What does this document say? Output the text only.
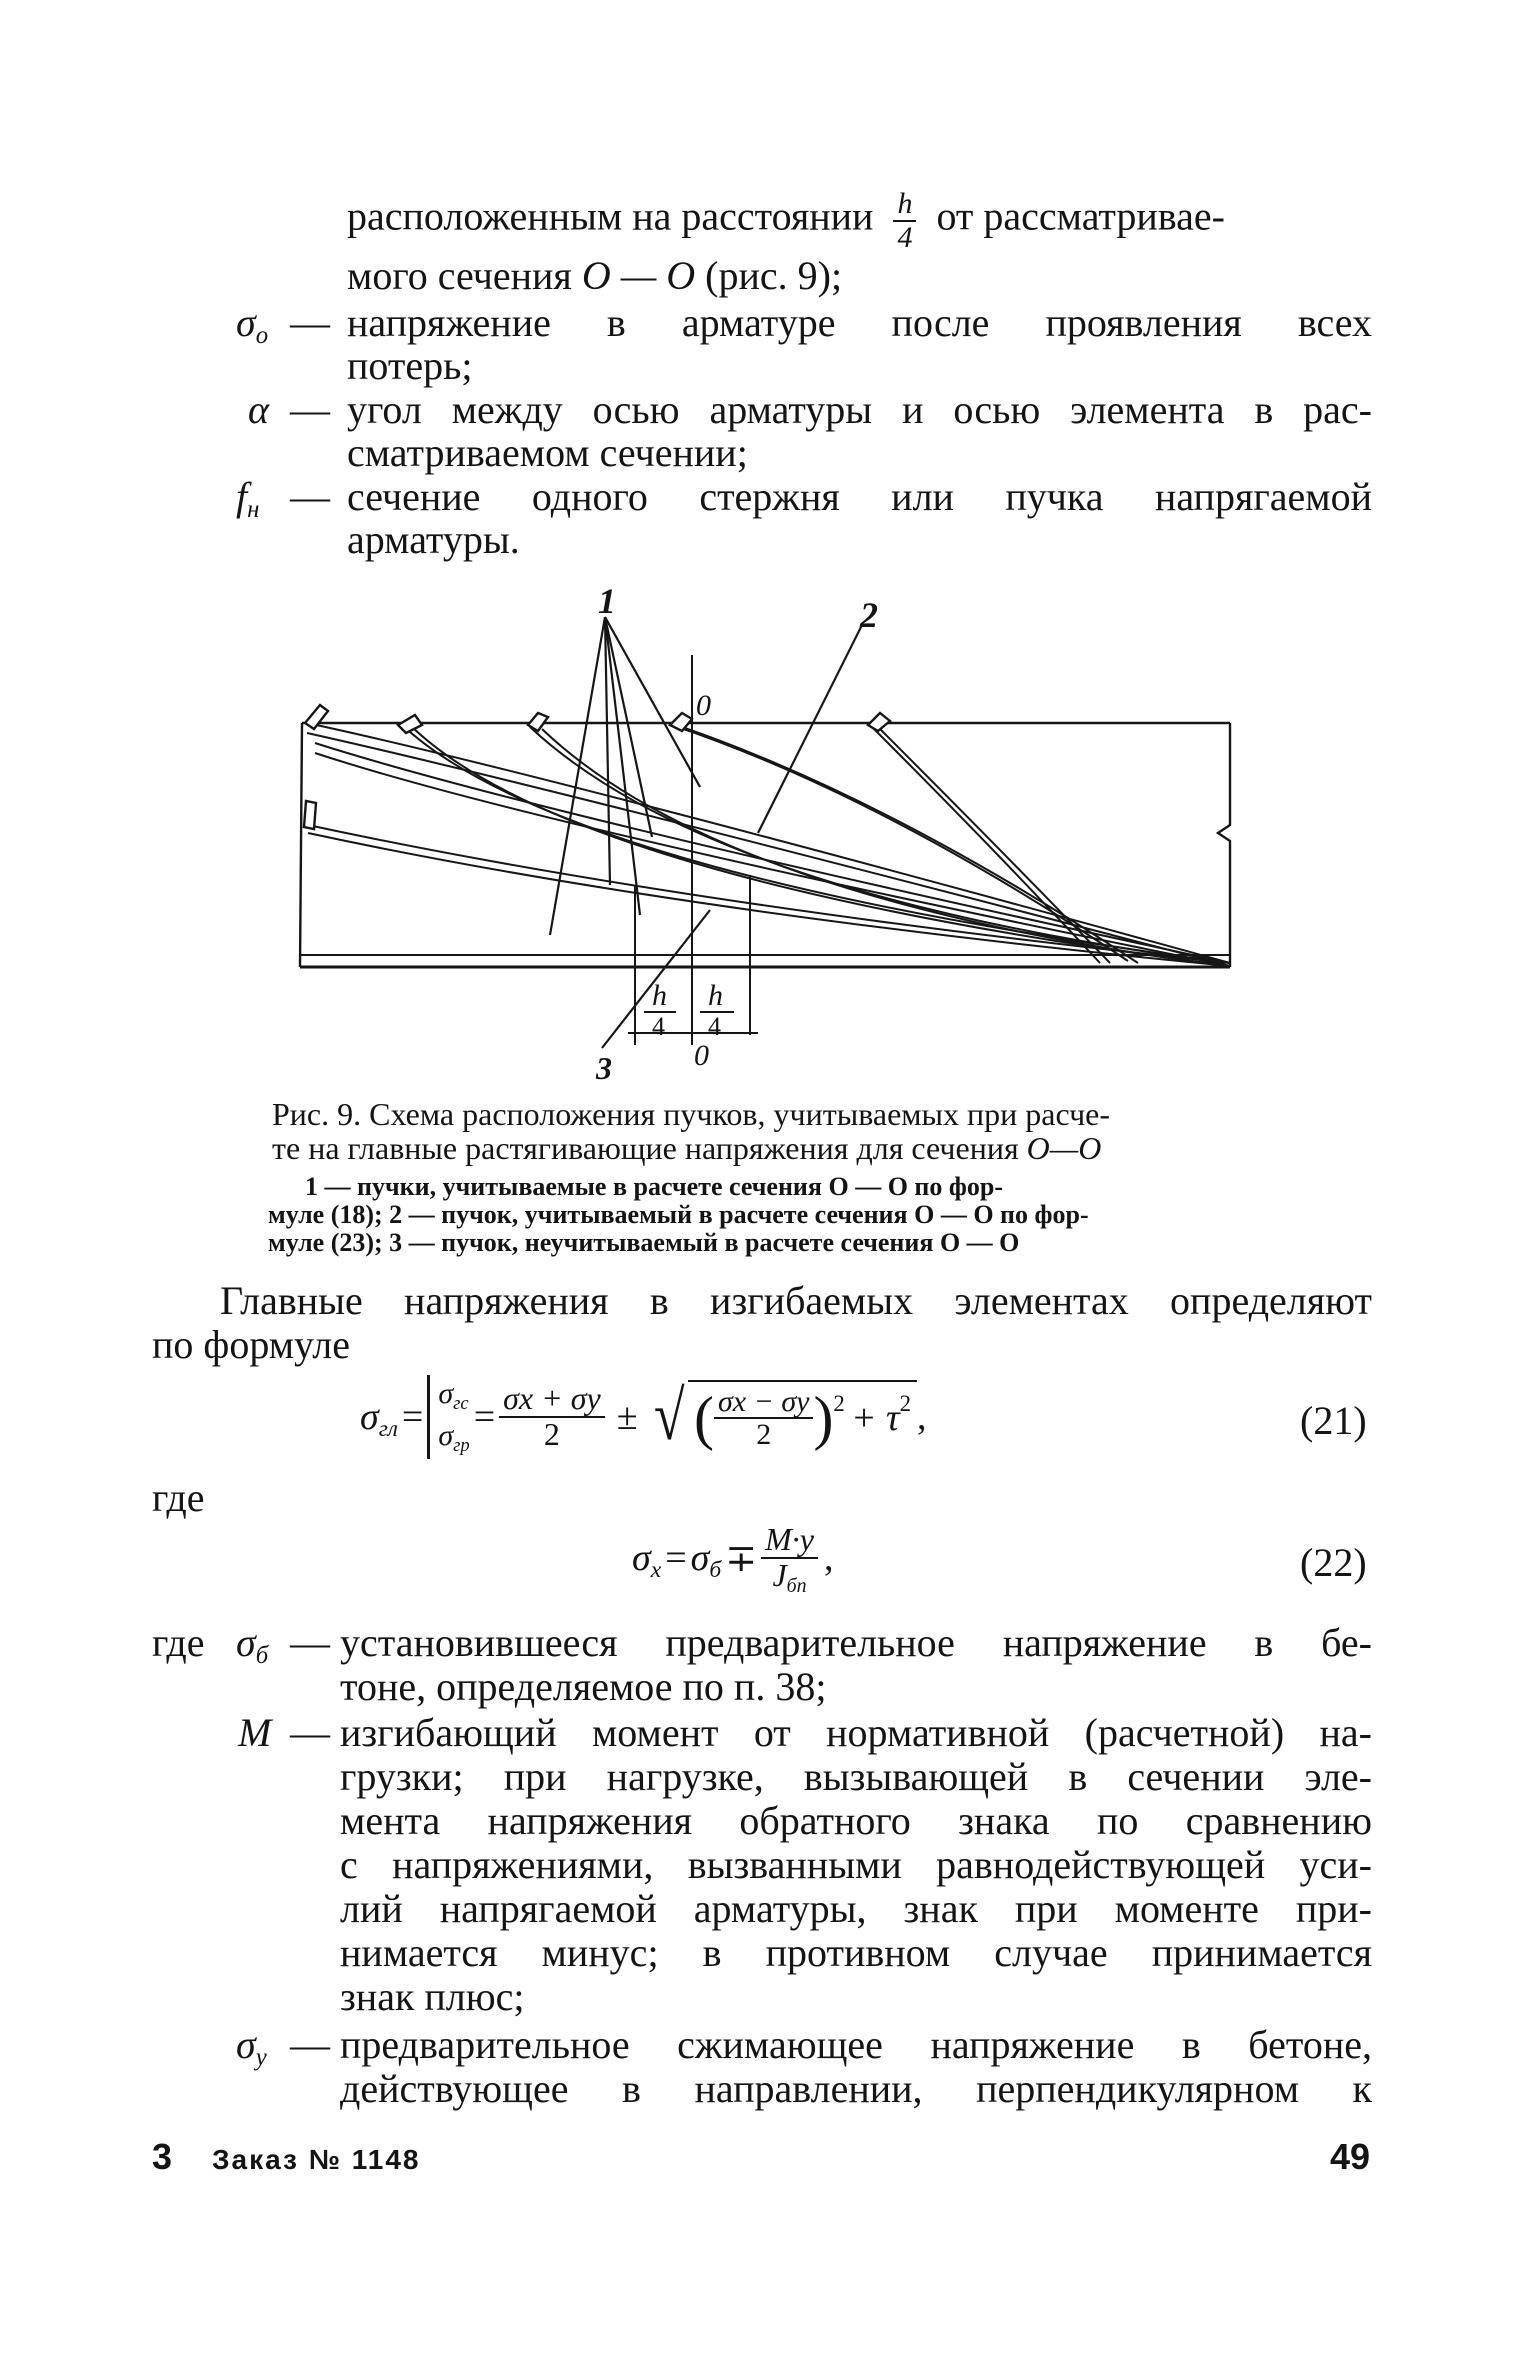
расположенным на расстоянии $\frac{h}{4}$ от рассматривае-
мого сечения O — O (рис. 9);
σo — напряжение в арматуре после проявления всех
потерь;
α — угол между осью арматуры и осью элемента в рас-
сматриваемом сечении;
fн — сечение одного стержня или пучка напрягаемой
арматуры.
1	2
3
0
0
h
4
h
4
Рис. 9. Схема расположения пучков, учитываемых при расче-
те на главные растягивающие напряжения для сечения O—O
1 — пучки, учитываемые в расчете сечения O — O по фор-
муле (18); 2 — пучок, учитываемый в расчете сечения O — O по фор-
муле (23); 3 — пучок, неучитываемый в расчете сечения O — O
Главные напряжения в изгибаемых элементах определяют
по формуле
σгл =
σгс
σгр
= $\frac{\sigma x + \sigma y}{2}$ ± √ ( $\frac{\sigma x - \sigma y}{2}$ ) 2 + τ 2 ,	(21)
где
$\sigma x = \sigma б \mp \frac{M\cdot y}{\text{Jбп}}$ ,	(22)
где σб — установившееся предварительное напряжение в бе-
тоне, определяемое по п. 38;
M — изгибающий момент от нормативной (расчетной) на-
грузки; при нагрузке, вызывающей в сечении эле-
мента напряжения обратного знака по сравнению
с напряжениями, вызванными равнодействующей уси-
лий напрягаемой арматуры, знак при моменте при-
нимается минус; в противном случае принимается
знак плюс;
σy — предварительное сжимающее напряжение в бетоне,
действующее в направлении, перпендикулярном к
3 Заказ № 1148	49
